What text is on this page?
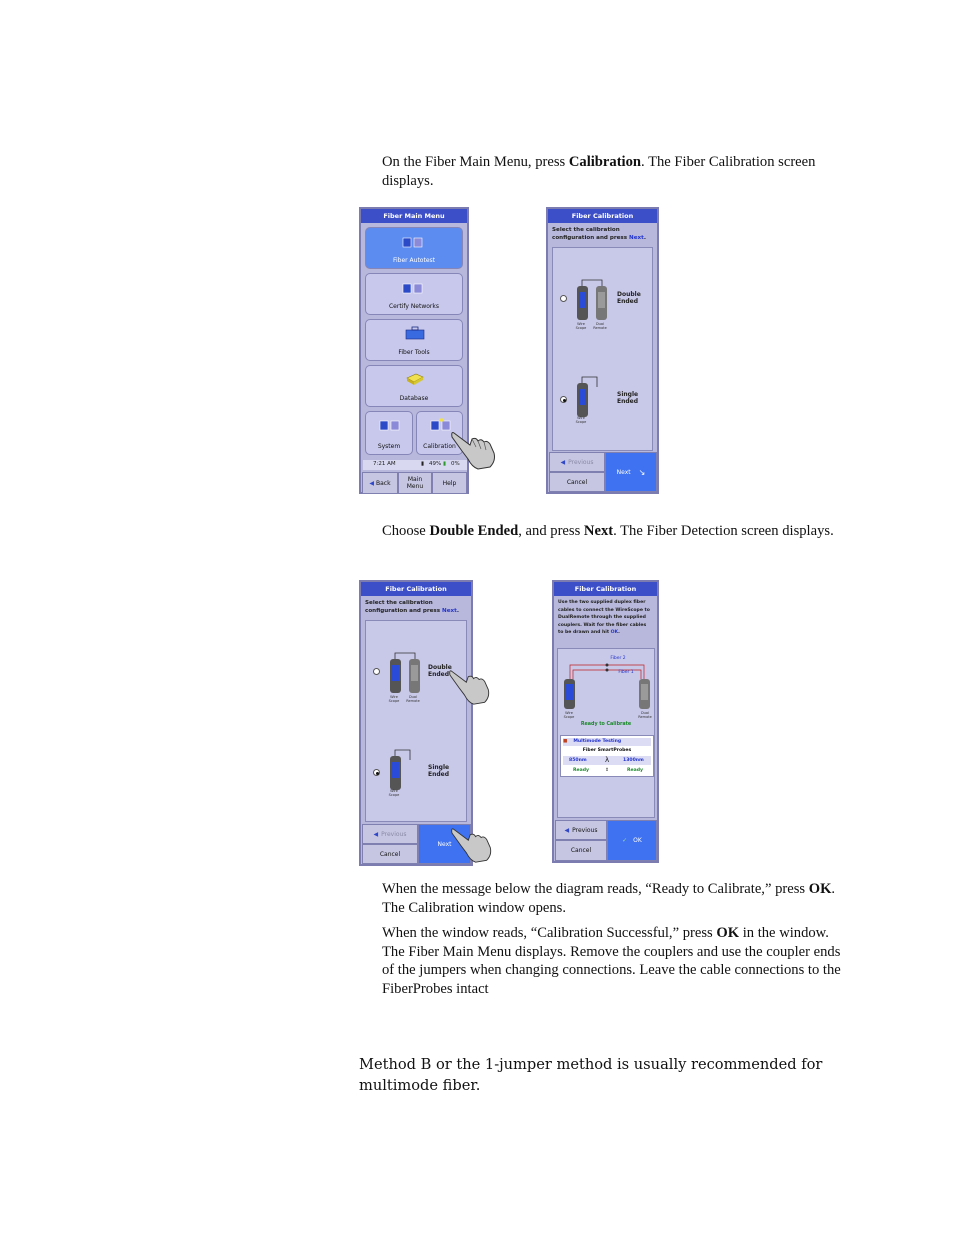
On the Fiber Main Menu, press Calibration. The Fiber Calibration screen displays.

Fiber Main Menu
Fiber Autotest
Certify Networks
Fiber Tools
Database
System	Calibration
7:21 AM	▮ 49% ▮ 0%
◀ Back	Main Menu	Help
Fiber Calibration
Select the calibration configuration and press Next.
Wire Scope
Dual Remote
Double Ended
Wire Scope
Single Ended
◀ Previous
Cancel
Next ↘

Choose Double Ended, and press Next. The Fiber Detection screen displays.

Fiber Calibration
Select the calibration configuration and press Next.
Wire Scope
Dual Remote
Double Ended
Wire Scope
Single Ended
◀ Previous
Cancel
Next
Fiber Calibration
Use the two supplied duplex fiber cables to connect the WireScope to DualRemote through the supplied couplers. Wait for the fiber cables to be drawn and hit OK.
Fiber 2
Fiber 1
Wire Scope
Dual Remote
Ready to Calibrate
■ Multimode Testing
Fiber SmartProbes
850nm	λ	1300nm
Ready	⇕	Ready
◀ Previous
Cancel
✓ OK

When the message below the diagram reads, “Ready to Calibrate,” press OK. The Calibration window opens.

When the window reads, “Calibration Successful,” press OK in the window. The Fiber Main Menu displays. Remove the couplers and use the coupler ends of the jumpers when changing connections. Leave the cable connections to the FiberProbes intact

Method B or the 1-jumper method is usually recommended for multimode fiber.
